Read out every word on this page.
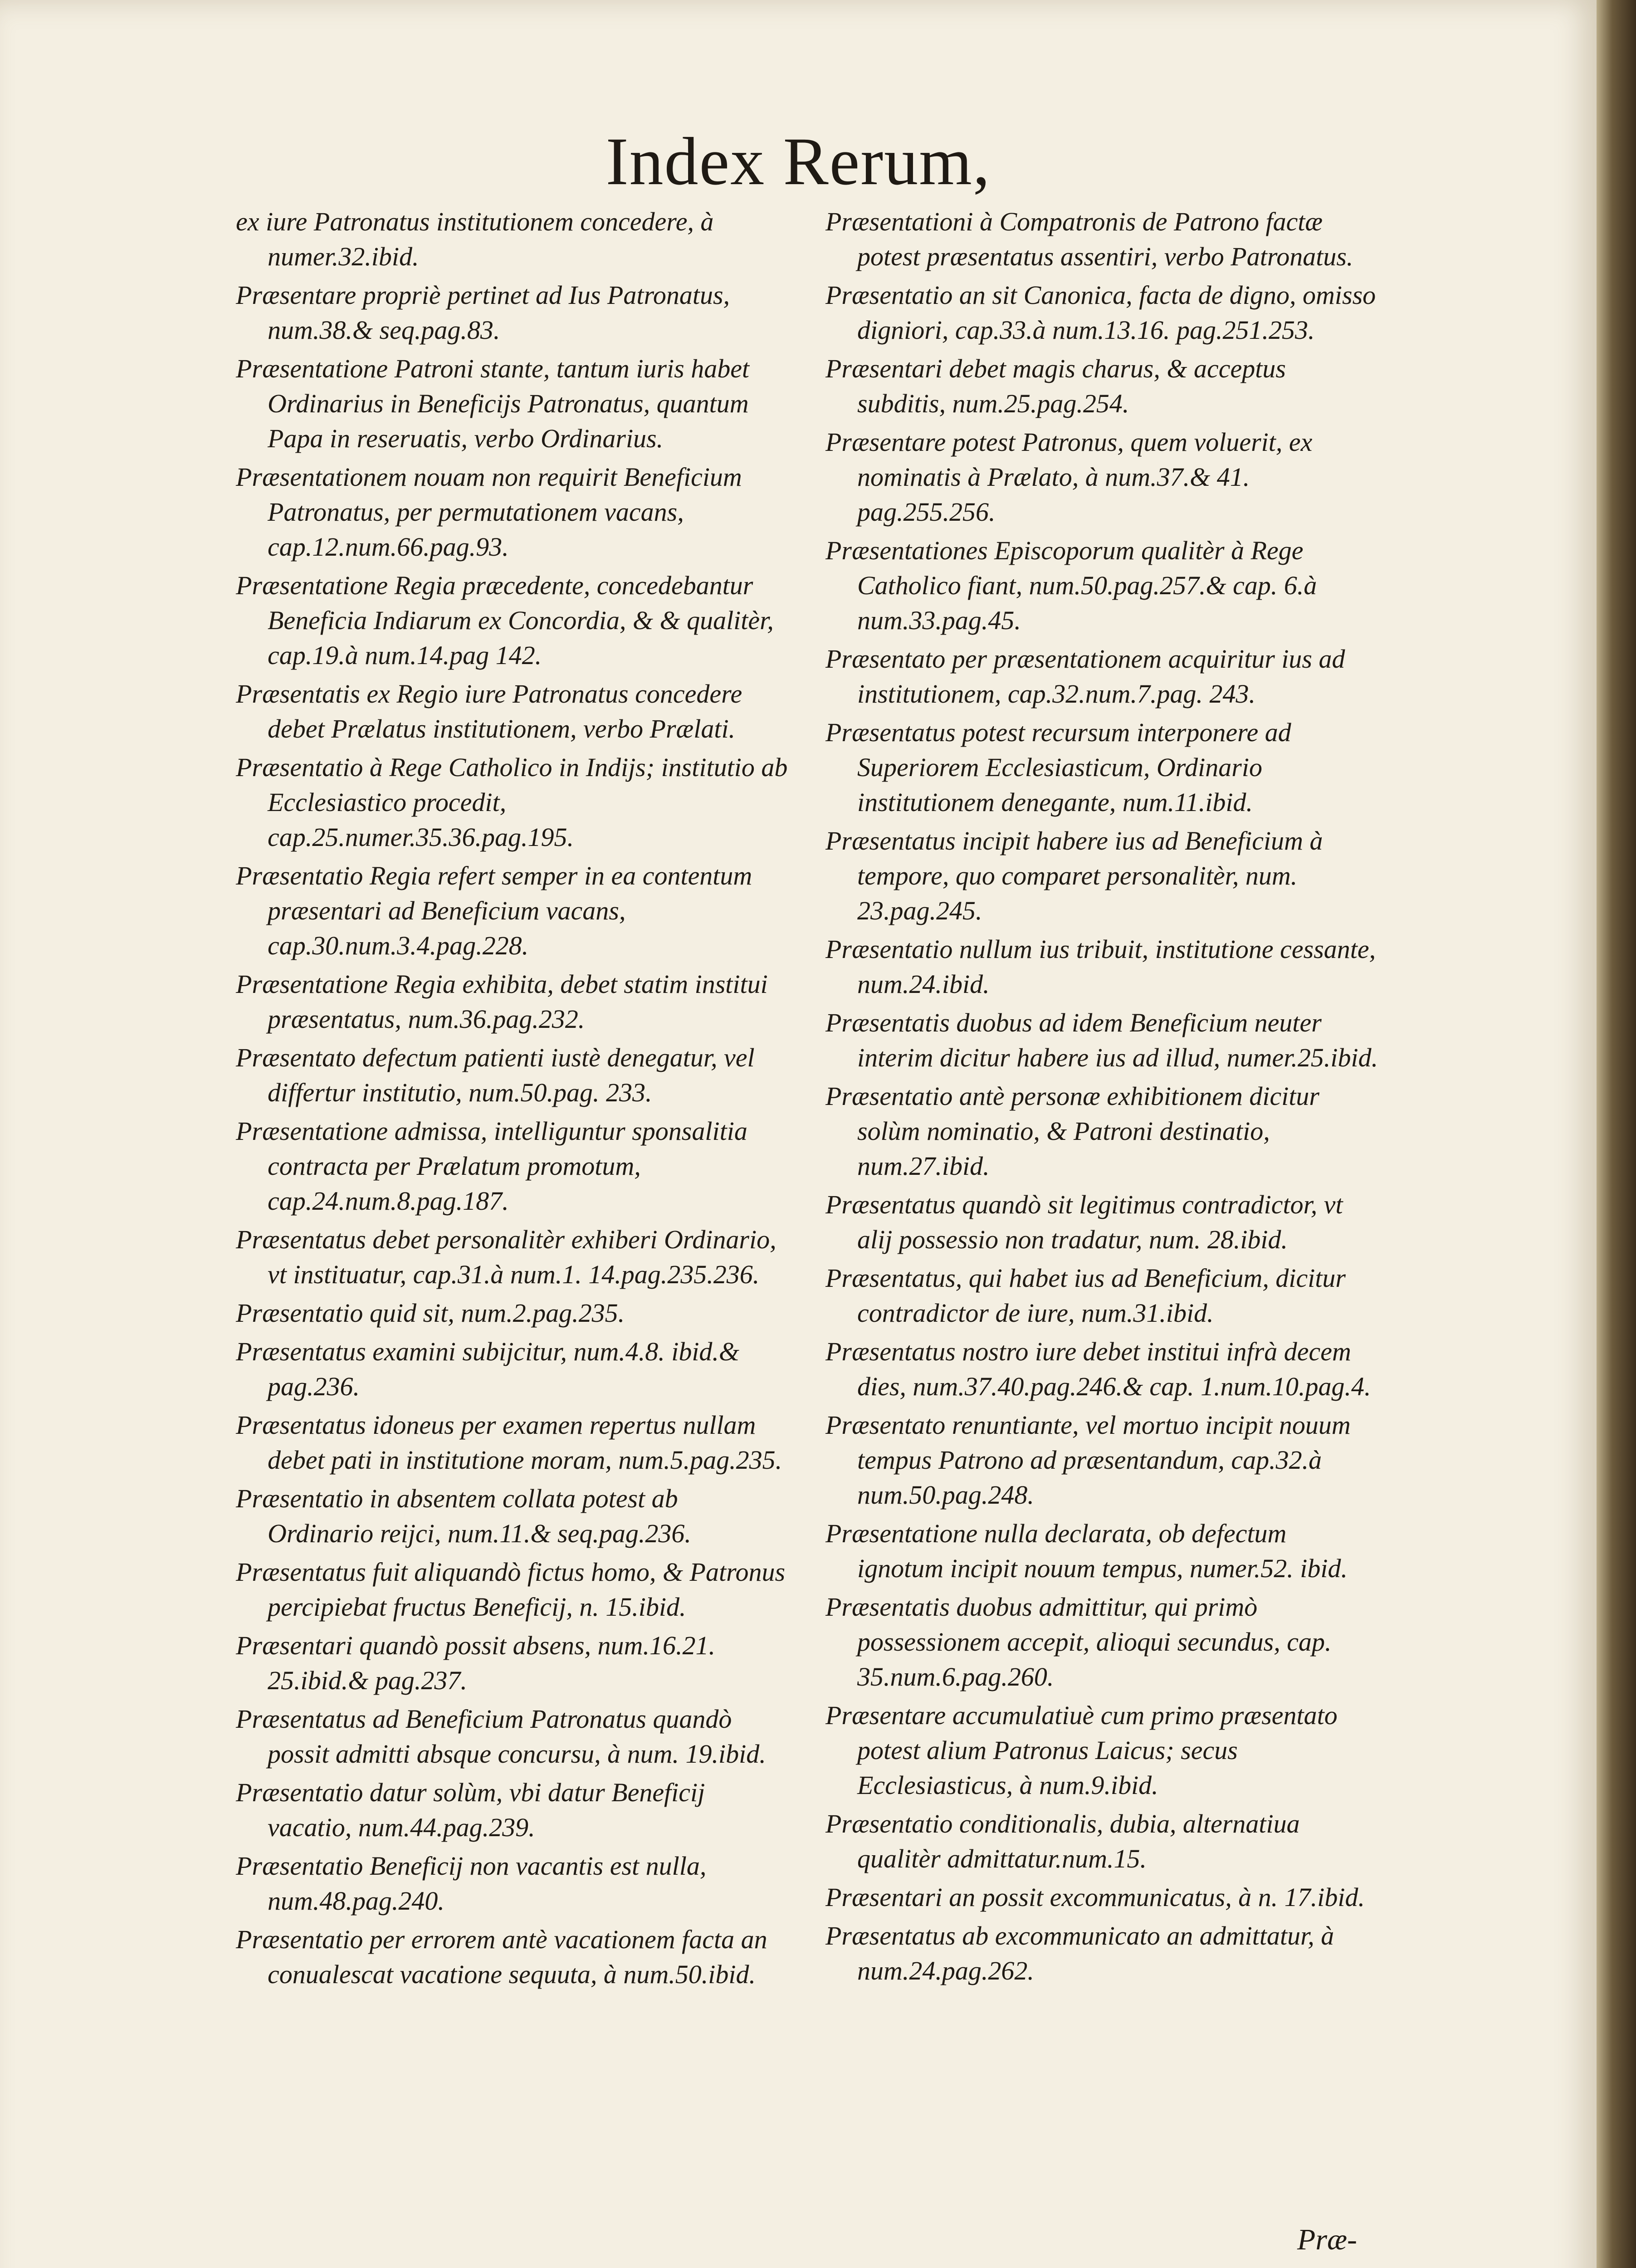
Index Rerum,

ex iure Patronatus institutionem concedere, à numer.32.ibid.

Præsentare propriè pertinet ad Ius Patronatus, num.38.& seq.pag.83.

Præsentatione Patroni stante, tantum iuris habet Ordinarius in Beneficijs Patronatus, quantum Papa in reseruatis, verbo Ordinarius.

Præsentationem nouam non requirit Beneficium Patronatus, per permutationem vacans, cap.12.num.66.pag.93.

Præsentatione Regia præcedente, concedebantur Beneficia Indiarum ex Concordia, & & qualitèr, cap.19.à num.14.pag 142.

Præsentatis ex Regio iure Patronatus concedere debet Prælatus institutionem, verbo Prælati.

Præsentatio à Rege Catholico in Indijs; institutio ab Ecclesiastico procedit, cap.25.numer.35.36.pag.195.

Præsentatio Regia refert semper in ea contentum præsentari ad Beneficium vacans, cap.30.num.3.4.pag.228.

Præsentatione Regia exhibita, debet statim institui præsentatus, num.36.pag.232.

Præsentato defectum patienti iustè denegatur, vel differtur institutio, num.50.pag. 233.

Præsentatione admissa, intelliguntur sponsalitia contracta per Prælatum promotum, cap.24.num.8.pag.187.

Præsentatus debet personalitèr exhiberi Ordinario, vt instituatur, cap.31.à num.1. 14.pag.235.236.

Præsentatio quid sit, num.2.pag.235.

Præsentatus examini subijcitur, num.4.8. ibid.& pag.236.

Præsentatus idoneus per examen repertus nullam debet pati in institutione moram, num.5.pag.235.

Præsentatio in absentem collata potest ab Ordinario reijci, num.11.& seq.pag.236.

Præsentatus fuit aliquandò fictus homo, & Patronus percipiebat fructus Beneficij, n. 15.ibid.

Præsentari quandò possit absens, num.16.21. 25.ibid.& pag.237.

Præsentatus ad Beneficium Patronatus quandò possit admitti absque concursu, à num. 19.ibid.

Præsentatio datur solùm, vbi datur Beneficij vacatio, num.44.pag.239.

Præsentatio Beneficij non vacantis est nulla, num.48.pag.240.

Præsentatio per errorem antè vacationem facta an conualescat vacatione sequuta, à num.50.ibid.

Præsentationi à Compatronis de Patrono factæ potest præsentatus assentiri, verbo Patronatus.

Præsentatio an sit Canonica, facta de digno, omisso digniori, cap.33.à num.13.16. pag.251.253.

Præsentari debet magis charus, & acceptus subditis, num.25.pag.254.

Præsentare potest Patronus, quem voluerit, ex nominatis à Prælato, à num.37.& 41. pag.255.256.

Præsentationes Episcoporum qualitèr à Rege Catholico fiant, num.50.pag.257.& cap. 6.à num.33.pag.45.

Præsentato per præsentationem acquiritur ius ad institutionem, cap.32.num.7.pag. 243.

Præsentatus potest recursum interponere ad Superiorem Ecclesiasticum, Ordinario institutionem denegante, num.11.ibid.

Præsentatus incipit habere ius ad Beneficium à tempore, quo comparet personalitèr, num. 23.pag.245.

Præsentatio nullum ius tribuit, institutione cessante, num.24.ibid.

Præsentatis duobus ad idem Beneficium neuter interim dicitur habere ius ad illud, numer.25.ibid.

Præsentatio antè personæ exhibitionem dicitur solùm nominatio, & Patroni destinatio, num.27.ibid.

Præsentatus quandò sit legitimus contradictor, vt alij possessio non tradatur, num. 28.ibid.

Præsentatus, qui habet ius ad Beneficium, dicitur contradictor de iure, num.31.ibid.

Præsentatus nostro iure debet institui infrà decem dies, num.37.40.pag.246.& cap. 1.num.10.pag.4.

Præsentato renuntiante, vel mortuo incipit nouum tempus Patrono ad præsentandum, cap.32.à num.50.pag.248.

Præsentatione nulla declarata, ob defectum ignotum incipit nouum tempus, numer.52. ibid.

Præsentatis duobus admittitur, qui primò possessionem accepit, alioqui secundus, cap. 35.num.6.pag.260.

Præsentare accumulatiuè cum primo præsentato potest alium Patronus Laicus; secus Ecclesiasticus, à num.9.ibid.

Præsentatio conditionalis, dubia, alternatiua qualitèr admittatur.num.15.

Præsentari an possit excommunicatus, à n. 17.ibid.

Præsentatus ab excommunicato an admittatur, à num.24.pag.262.

Præ-
